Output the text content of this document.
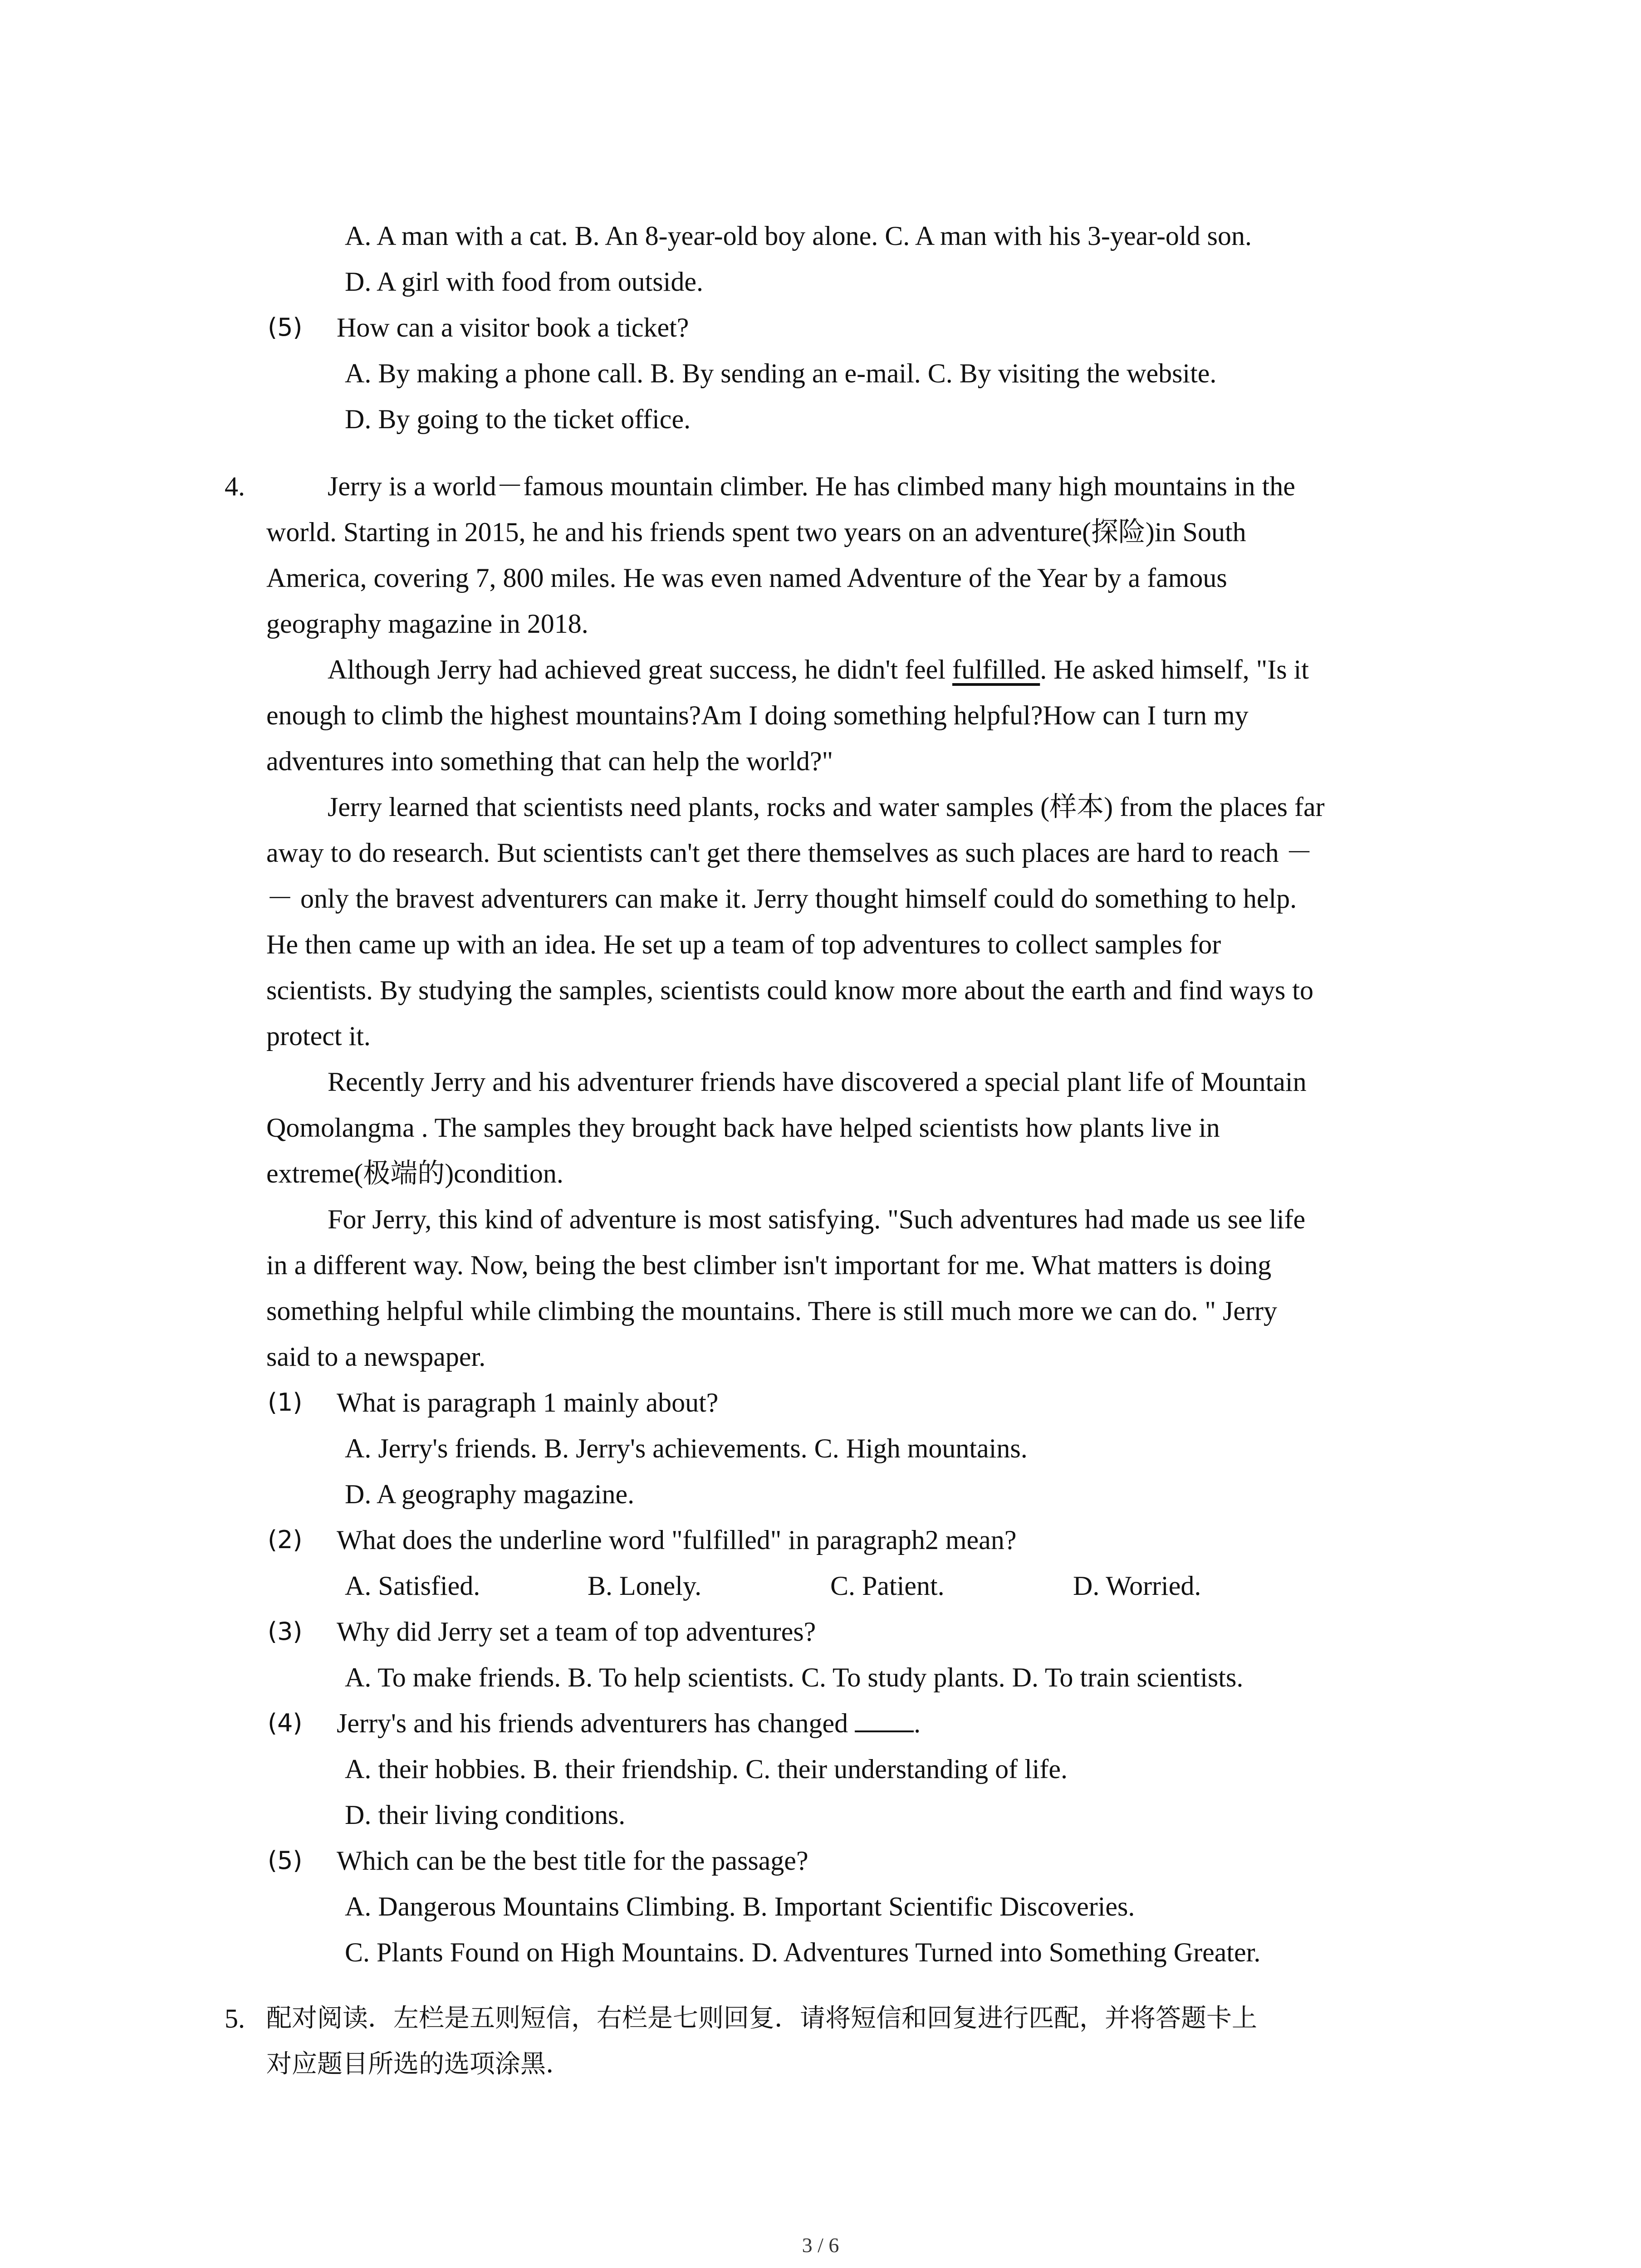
A. A man with a cat. B. An 8-year-old boy alone. C. A man with his 3-year-old son.
D. A girl with food from outside.
(5) How can a visitor book a ticket?
A. By making a phone call. B. By sending an e-mail. C. By visiting the website.
D. By going to the ticket office.
4.	Jerry is a world－famous mountain climber. He has climbed many high mountains in the
world. Starting in 2015, he and his friends spent two years on an adventure(探险)in South
America, covering 7, 800 miles. He was even named Adventure of the Year by a famous
geography magazine in 2018.
Although Jerry had achieved great success, he didn't feel fulfilled. He asked himself, "Is it
enough to climb the highest mountains?Am I doing something helpful?How can I turn my
adventures into something that can help the world?"
Jerry learned that scientists need plants, rocks and water samples (样本) from the places far
away to do research. But scientists can't get there themselves as such places are hard to reach －
－ only the bravest adventurers can make it. Jerry thought himself could do something to help.
He then came up with an idea. He set up a team of top adventures to collect samples for
scientists. By studying the samples, scientists could know more about the earth and find ways to
protect it.
Recently Jerry and his adventurer friends have discovered a special plant life of Mountain
Qomolangma . The samples they brought back have helped scientists how plants live in
extreme(极端的)condition.
For Jerry, this kind of adventure is most satisfying. "Such adventures had made us see life
in a different way. Now, being the best climber isn't important for me. What matters is doing
something helpful while climbing the mountains. There is still much more we can do. " Jerry
said to a newspaper.
(1) What is paragraph 1 mainly about?
A. Jerry's friends. B. Jerry's achievements. C. High mountains.
D. A geography magazine.
(2) What does the underline word "fulfilled" in paragraph2 mean?
A. Satisfied.	B. Lonely.	C. Patient.	D. Worried.
(3) Why did Jerry set a team of top adventures?
A. To make friends. B. To help scientists. C. To study plants. D. To train scientists.
(4) Jerry's and his friends adventurers has changed .
A. their hobbies. B. their friendship. C. their understanding of life.
D. their living conditions.
(5) Which can be the best title for the passage?
A. Dangerous Mountains Climbing. B. Important Scientific Discoveries.
C. Plants Found on High Mountains. D. Adventures Turned into Something Greater.
5. 配对阅读．左栏是五则短信，右栏是七则回复．请将短信和回复进行匹配，并将答题卡上
对应题目所选的选项涂黑．
3 / 6
